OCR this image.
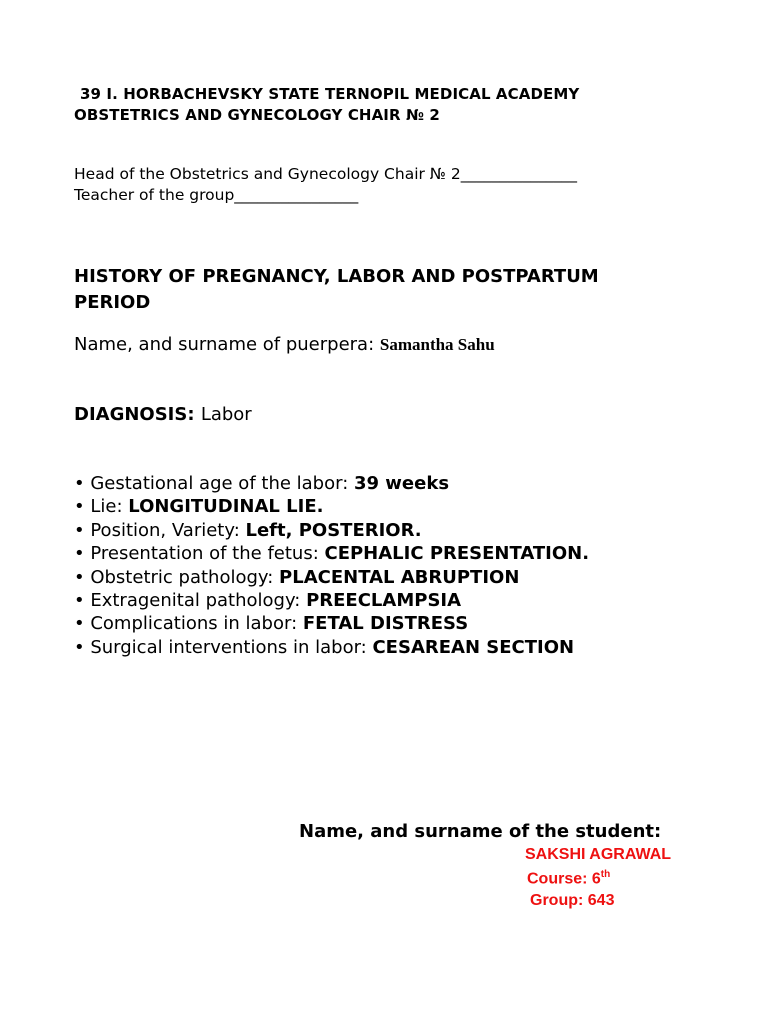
39 I. HORBACHEVSKY STATE TERNOPIL MEDICAL ACADEMY
OBSTETRICS AND GYNECOLOGY CHAIR № 2
Head of the Obstetrics and Gynecology Chair № 2_______________
Teacher of the group________________
HISTORY OF PREGNANCY, LABOR AND POSTPARTUM
PERIOD
Name, and surname of puerpera: Samantha Sahu
DIAGNOSIS: Labor
• Gestational age of the labor: 39 weeks
• Lie: LONGITUDINAL LIE.
• Position, Variety: Left, POSTERIOR.
• Presentation of the fetus: CEPHALIC PRESENTATION.
• Obstetric pathology: PLACENTAL ABRUPTION
• Extragenital pathology: PREECLAMPSIA
• Complications in labor: FETAL DISTRESS
• Surgical interventions in labor: CESAREAN SECTION
Name, and surname of the student:
SAKSHI AGRAWAL
Course: 6th
Group: 643
